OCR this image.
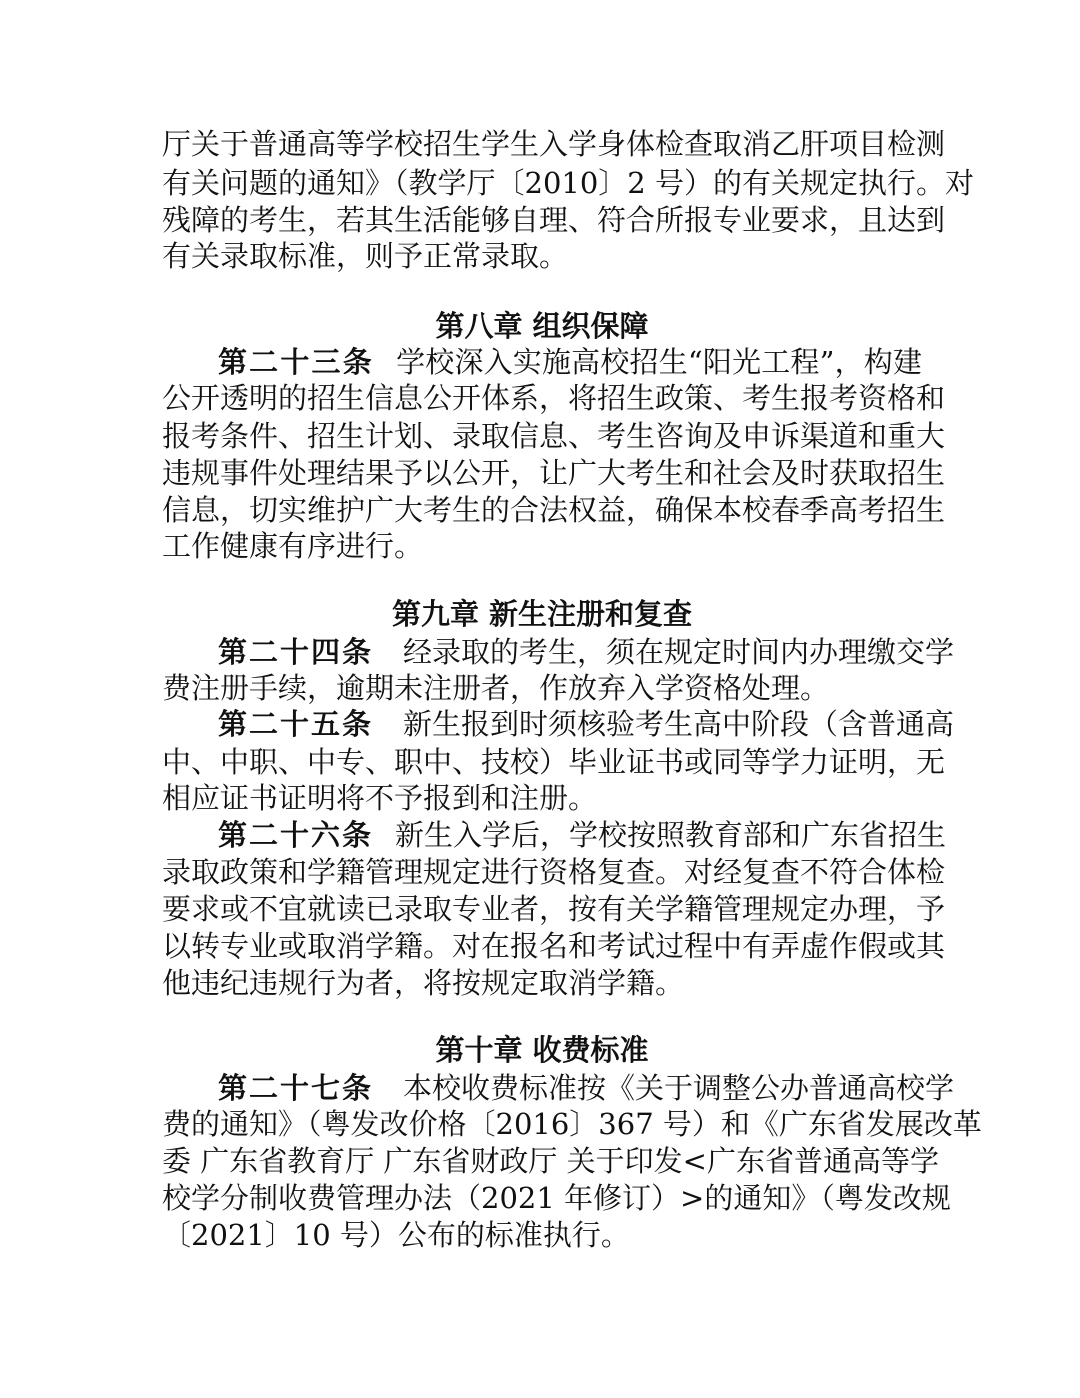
厅关于普通高等学校招生学生入学身体检查取消乙肝项目检测
有关问题的通知》（教学厅〔2010〕2 号）的有关规定执行。对
残障的考生，若其生活能够自理、符合所报专业要求，且达到
有关录取标准，则予正常录取。
第八章 组织保障
第二十三条 学校深入实施高校招生“阳光工程”，构建
公开透明的招生信息公开体系，将招生政策、考生报考资格和
报考条件、招生计划、录取信息、考生咨询及申诉渠道和重大
违规事件处理结果予以公开，让广大考生和社会及时获取招生
信息，切实维护广大考生的合法权益，确保本校春季高考招生
工作健康有序进行。
第九章 新生注册和复查
第二十四条 经录取的考生，须在规定时间内办理缴交学
费注册手续，逾期未注册者，作放弃入学资格处理。
第二十五条 新生报到时须核验考生高中阶段（含普通高
中、中职、中专、职中、技校）毕业证书或同等学力证明，无
相应证书证明将不予报到和注册。
第二十六条 新生入学后，学校按照教育部和广东省招生
录取政策和学籍管理规定进行资格复查。对经复查不符合体检
要求或不宜就读已录取专业者，按有关学籍管理规定办理，予
以转专业或取消学籍。对在报名和考试过程中有弄虚作假或其
他违纪违规行为者，将按规定取消学籍。
第十章 收费标准
第二十七条 本校收费标准按《关于调整公办普通高校学
费的通知》（粤发改价格〔2016〕367 号）和《广东省发展改革
委 广东省教育厅 广东省财政厅 关于印发<广东省普通高等学
校学分制收费管理办法（2021 年修订）>的通知》（粤发改规
〔2021〕10 号）公布的标准执行。
